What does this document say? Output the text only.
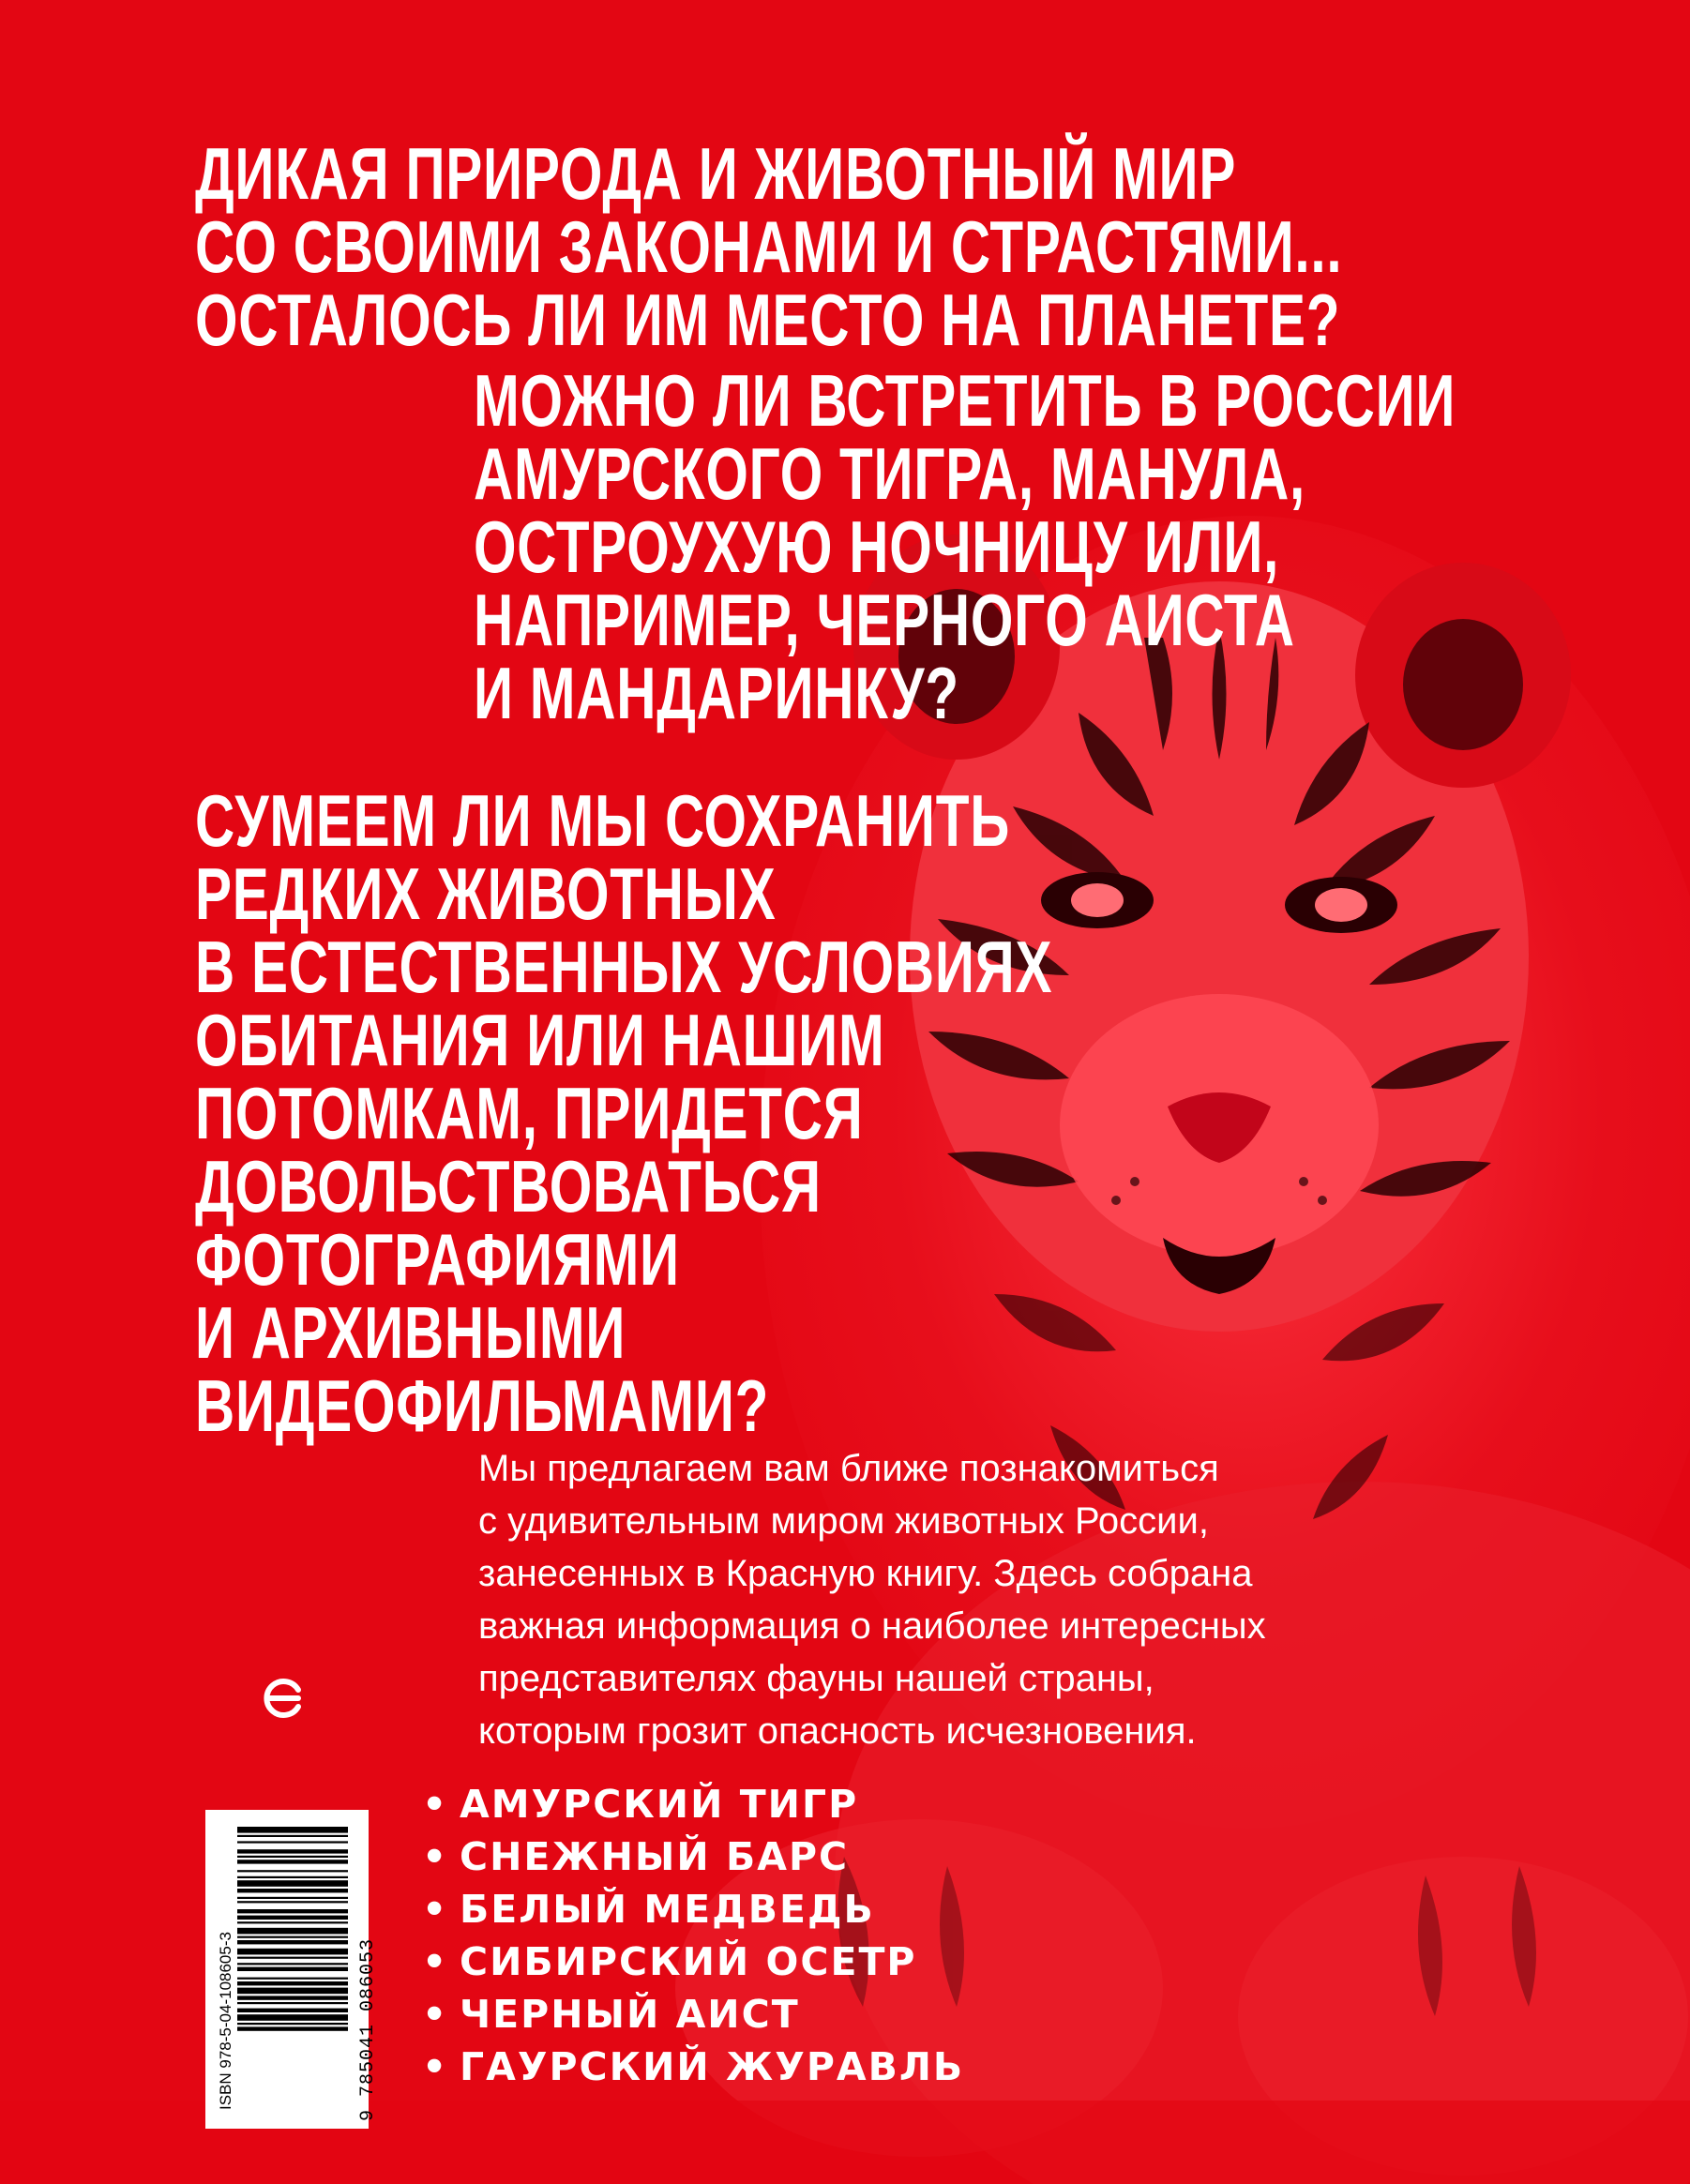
ДИКАЯ ПРИРОДА И ЖИВОТНЫЙ МИР
СО СВОИМИ ЗАКОНАМИ И СТРАСТЯМИ...
ОСТАЛОСЬ ЛИ ИМ МЕСТО НА ПЛАНЕТЕ?
МОЖНО ЛИ ВСТРЕТИТЬ В РОССИИ
АМУРСКОГО ТИГРА, МАНУЛА,
ОСТРОУХУЮ НОЧНИЦУ ИЛИ,
НАПРИМЕР, ЧЕРНОГО АИСТА
И МАНДАРИНКУ?
СУМЕЕМ ЛИ МЫ СОХРАНИТЬ
РЕДКИХ ЖИВОТНЫХ
В ЕСТЕСТВЕННЫХ УСЛОВИЯХ
ОБИТАНИЯ ИЛИ НАШИМ
ПОТОМКАМ, ПРИДЕТСЯ
ДОВОЛЬСТВОВАТЬСЯ
ФОТОГРАФИЯМИ
И АРХИВНЫМИ
ВИДЕОФИЛЬМАМИ?

Мы предлагаем вам ближе познакомиться
с удивительным миром животных России,
занесенных в Красную книгу. Здесь собрана
важная информация о наиболее интересных
представителях фауны нашей страны,
которым грозит опасность исчезновения.

• АМУРСКИЙ ТИГР
• СНЕЖНЫЙ БАРС
• БЕЛЫЙ МЕДВЕДЬ
• СИБИРСКИЙ ОСЕТР
• ЧЕРНЫЙ АИСТ
• ГАУРСКИЙ ЖУРАВЛЬ
ISBN 978-5-04-108605-3	9 785041 086053
